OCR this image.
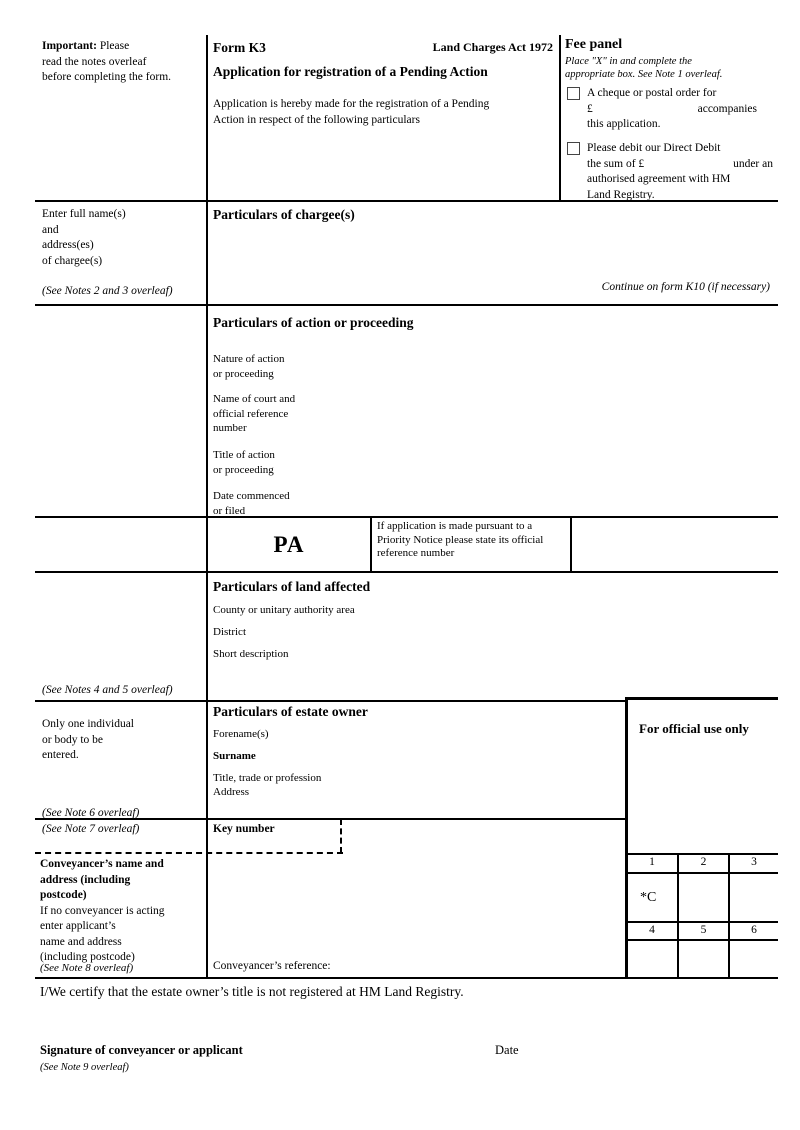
Important: Please
read the notes overleaf
before completing the form.
Form K3	Land Charges Act 1972
Application for registration of a Pending Action
Application is hereby made for the registration of a Pending
Action in respect of the following particulars
Fee panel
Place "X" in and complete the
appropriate box. See Note 1 overleaf.
A cheque or postal order for

£	accompanies
this application.
Please debit our Direct Debit

the sum of £	under an
authorised agreement with HM
Land Registry.
Enter full name(s)
and
address(es)
of chargee(s)
(See Notes 2 and 3 overleaf)
Particulars of chargee(s)
Continue on form K10 (if necessary)
Particulars of action or proceeding
Nature of action
or proceeding
Name of court and
official reference
number
Title of action
or proceeding
Date commenced
or filed
PA
If application is made pursuant to a
Priority Notice please state its official
reference number
Particulars of land affected
County or unitary authority area
District
Short description
(See Notes 4 and 5 overleaf)
Only one individual
or body to be
entered.
(See Note 6 overleaf)
Particulars of estate owner
Forename(s)
Surname
Title, trade or profession
Address
(See Note 7 overleaf)	Key number
Conveyancer’s name and
address (including
postcode)
If no conveyancer is acting
enter applicant’s
name and address
(including postcode)
(See Note 8 overleaf)	Conveyancer’s reference:
For official use only
1	2	3
*C
4	5	6
I/We certify that the estate owner’s title is not registered at HM Land Registry.
Signature of conveyancer or applicant	Date
(See Note 9 overleaf)
